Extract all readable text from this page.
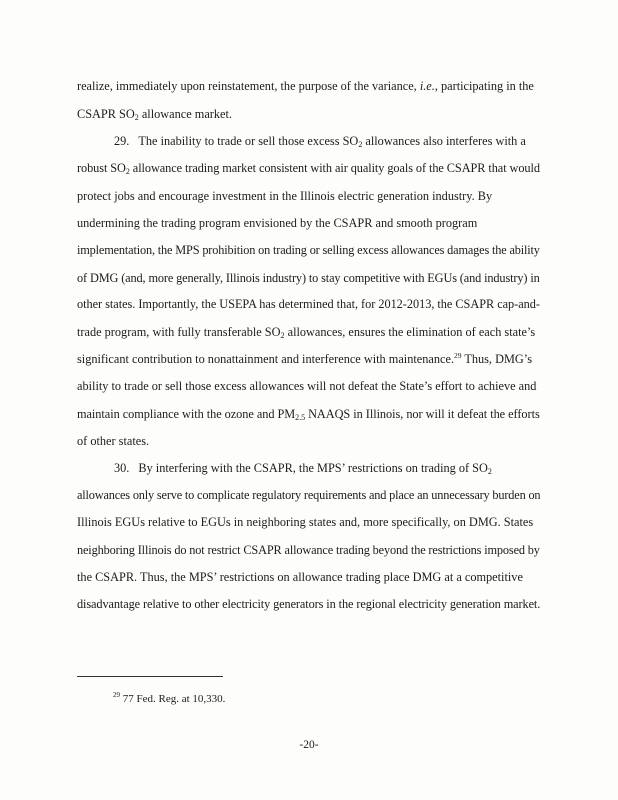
realize, immediately upon reinstatement, the purpose of the variance, i.e., participating in the
CSAPR $SO_2$ allowance market.
29. The inability to trade or sell those excess $SO_2$ allowances also interferes with a
robust $SO_2$ allowance trading market consistent with air quality goals of the CSAPR that would
protect jobs and encourage investment in the Illinois electric generation industry. By
undermining the trading program envisioned by the CSAPR and smooth program
implementation, the MPS prohibition on trading or selling excess allowances damages the ability
of DMG (and, more generally, Illinois industry) to stay competitive with EGUs (and industry) in
other states. Importantly, the USEPA has determined that, for 2012-2013, the CSAPR cap-and-
trade program, with fully transferable $SO_2$ allowances, ensures the elimination of each state’s
significant contribution to nonattainment and interference with maintenance.$^{29}$ Thus, DMG’s
ability to trade or sell those excess allowances will not defeat the State’s effort to achieve and
maintain compliance with the ozone and $PM_{2.5}$ NAAQS in Illinois, nor will it defeat the efforts
of other states.
30. By interfering with the CSAPR, the MPS’ restrictions on trading of $SO_2$
allowances only serve to complicate regulatory requirements and place an unnecessary burden on
Illinois EGUs relative to EGUs in neighboring states and, more specifically, on DMG. States
neighboring Illinois do not restrict CSAPR allowance trading beyond the restrictions imposed by
the CSAPR. Thus, the MPS’ restrictions on allowance trading place DMG at a competitive
disadvantage relative to other electricity generators in the regional electricity generation market.
$^{29}$ 77 Fed. Reg. at 10,330.
-20-
